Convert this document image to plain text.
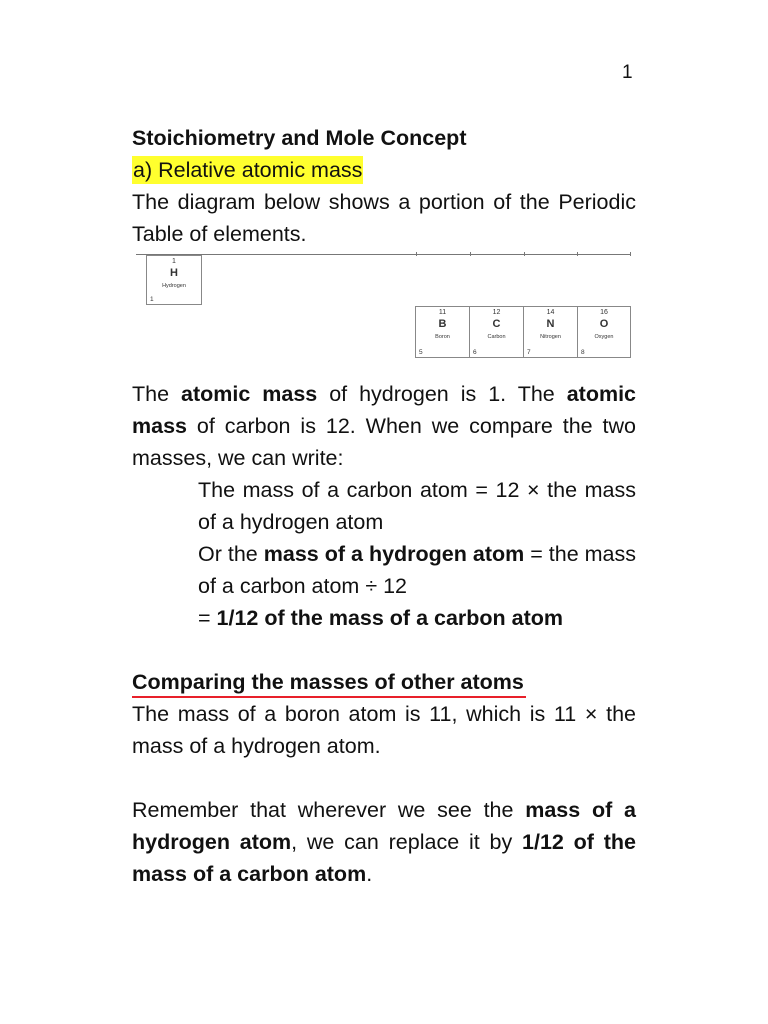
1
1
H
Hydrogen
1
11
B
Boron
5
12
C
Carbon
6
14
N
Nitrogen
7
16
O
Oxygen
8
Stoichiometry and Mole Concept
a) Relative atomic mass
The diagram below shows a portion of the Periodic Table of elements.
The atomic mass of hydrogen is 1. The atomic mass of carbon is 12. When we compare the two masses, we can write:
The mass of a carbon atom = 12 × the mass of a hydrogen atom
Or the mass of a hydrogen atom = the mass of a carbon atom ÷ 12
= 1/12 of the mass of a carbon atom
Comparing the masses of other atoms
The mass of a boron atom is 11, which is 11 × the mass of a hydrogen atom.
Remember that wherever we see the mass of a hydrogen atom, we can replace it by 1/12 of the mass of a carbon atom.
